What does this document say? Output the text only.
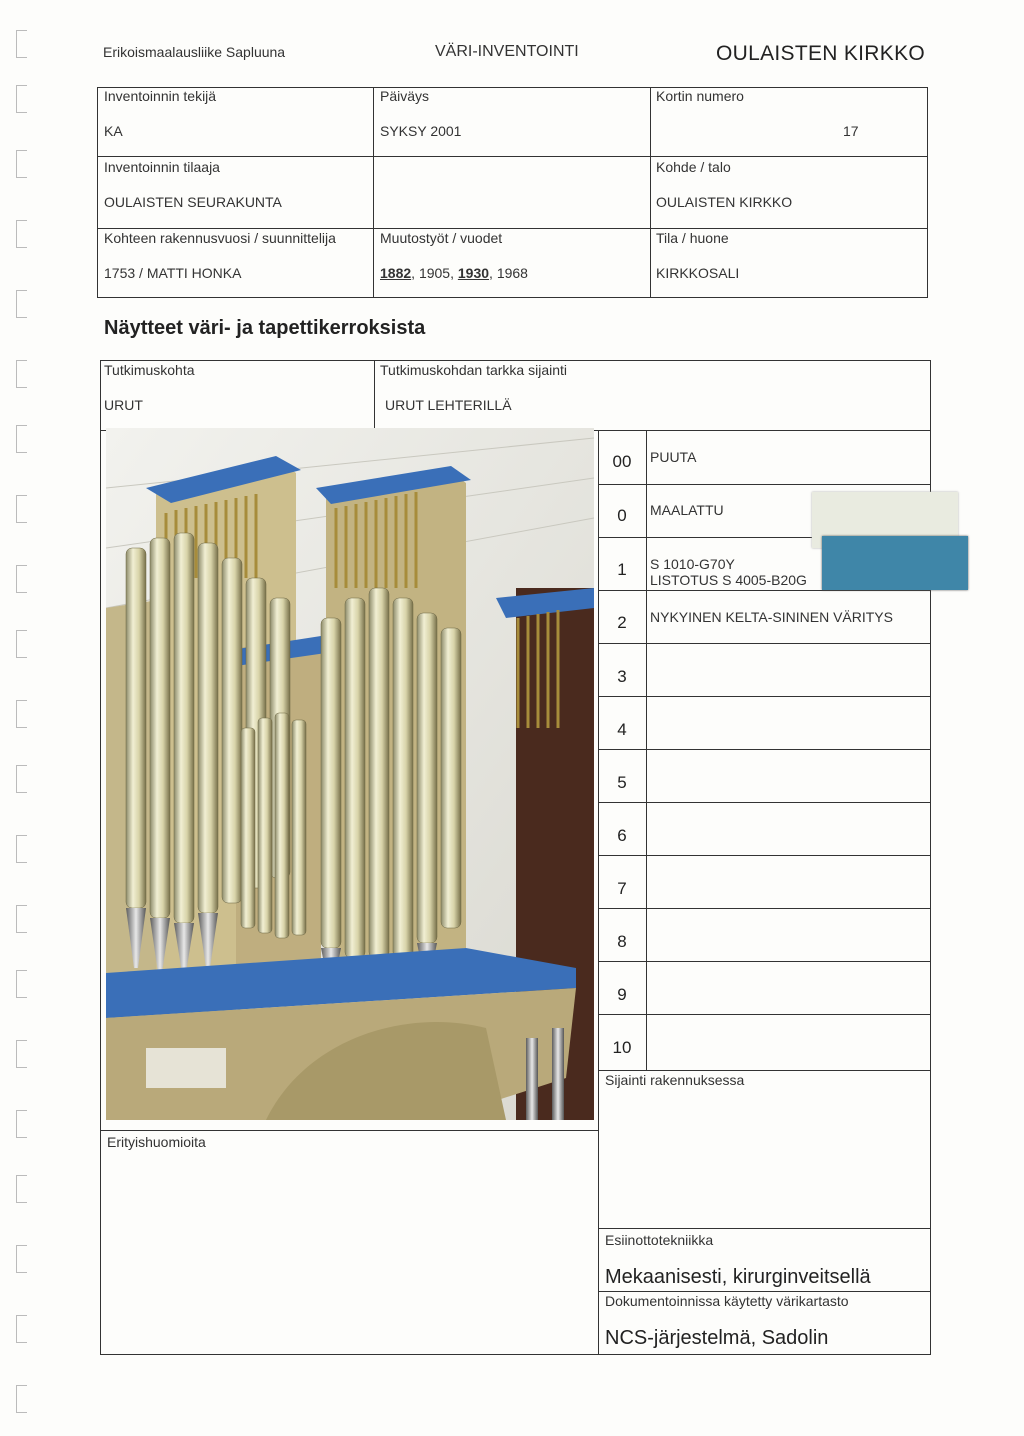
Erikoismaalausliike Sapluuna	VÄRI-INVENTOINTI	OULAISTEN KIRKKO
Inventoinnin tekijä
KA
Päiväys
SYKSY 2001
Kortin numero
17
Inventoinnin tilaaja
OULAISTEN SEURAKUNTA
Kohde / talo
OULAISTEN KIRKKO
Kohteen rakennusvuosi / suunnittelija
1753 / MATTI HONKA
Muutostyöt / vuodet
1882, 1905, 1930, 1968
Tila / huone
KIRKKOSALI
Näytteet väri- ja tapettikerroksista
Tutkimuskohta
URUT
Tutkimuskohdan tarkka sijainti
URUT LEHTERILLÄ
00	PUUTA
0	MAALATTU
1	S 1010-G70Y
LISTOTUS S 4005-B20G
2	NYKYINEN KELTA-SININEN VÄRITYS
3
4
5
6
7
8
9
10
Sijainti rakennuksessa
Erityishuomioita
Esiinottotekniikka
Mekaanisesti, kirurginveitsellä
Dokumentoinnissa käytetty värikartasto
NCS-järjestelmä, Sadolin
